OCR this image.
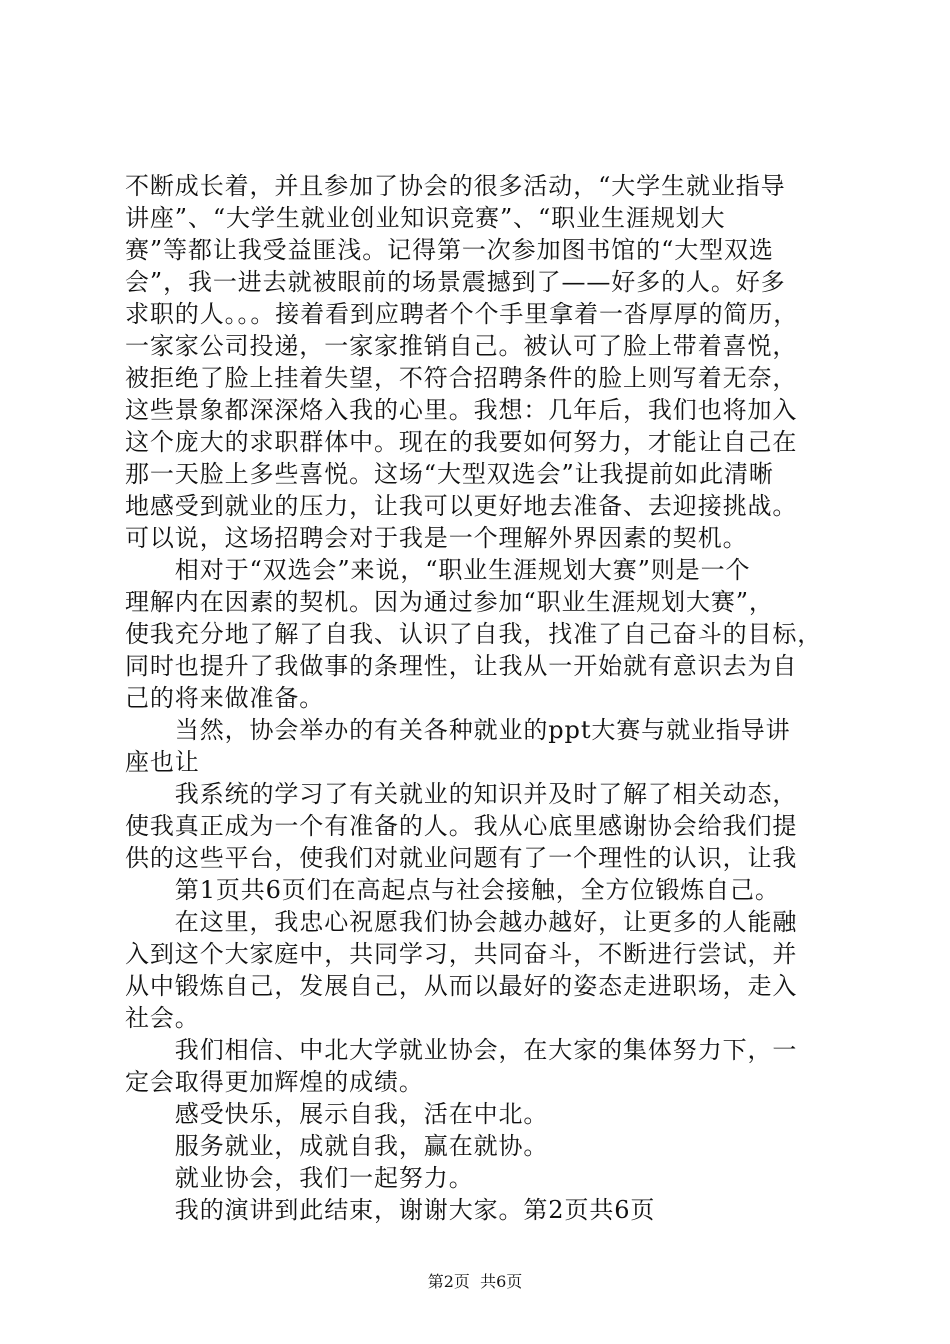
不断成长着，并且参加了协会的很多活动，“大学生就业指导
讲座”、“大学生就业创业知识竞赛”、“职业生涯规划大
赛”等都让我受益匪浅。记得第一次参加图书馆的“大型双选
会”，我一进去就被眼前的场景震撼到了——好多的人。好多
求职的人。。。接着看到应聘者个个手里拿着一沓厚厚的简历，
一家家公司投递，一家家推销自己。被认可了脸上带着喜悦，
被拒绝了脸上挂着失望，不符合招聘条件的脸上则写着无奈，
这些景象都深深烙入我的心里。我想：几年后，我们也将加入
这个庞大的求职群体中。现在的我要如何努力，才能让自己在
那一天脸上多些喜悦。这场“大型双选会”让我提前如此清晰
地感受到就业的压力，让我可以更好地去准备、去迎接挑战。
可以说，这场招聘会对于我是一个理解外界因素的契机。
　　相对于“双选会”来说，“职业生涯规划大赛”则是一个
理解内在因素的契机。因为通过参加“职业生涯规划大赛”，
使我充分地了解了自我、认识了自我，找准了自己奋斗的目标，
同时也提升了我做事的条理性，让我从一开始就有意识去为自
己的将来做准备。
　　当然，协会举办的有关各种就业的ppt大赛与就业指导讲
座也让
　　我系统的学习了有关就业的知识并及时了解了相关动态，
使我真正成为一个有准备的人。我从心底里感谢协会给我们提
供的这些平台，使我们对就业问题有了一个理性的认识，让我
　　第1页共6页们在高起点与社会接触，全方位锻炼自己。
　　在这里，我忠心祝愿我们协会越办越好，让更多的人能融
入到这个大家庭中，共同学习，共同奋斗，不断进行尝试，并
从中锻炼自己，发展自己，从而以最好的姿态走进职场，走入
社会。
　　我们相信、中北大学就业协会，在大家的集体努力下，一
定会取得更加辉煌的成绩。
　　感受快乐，展示自我，活在中北。
　　服务就业，成就自我，赢在就协。
　　就业协会，我们一起努力。
　　我的演讲到此结束，谢谢大家。第2页共6页
第2页  共6页
